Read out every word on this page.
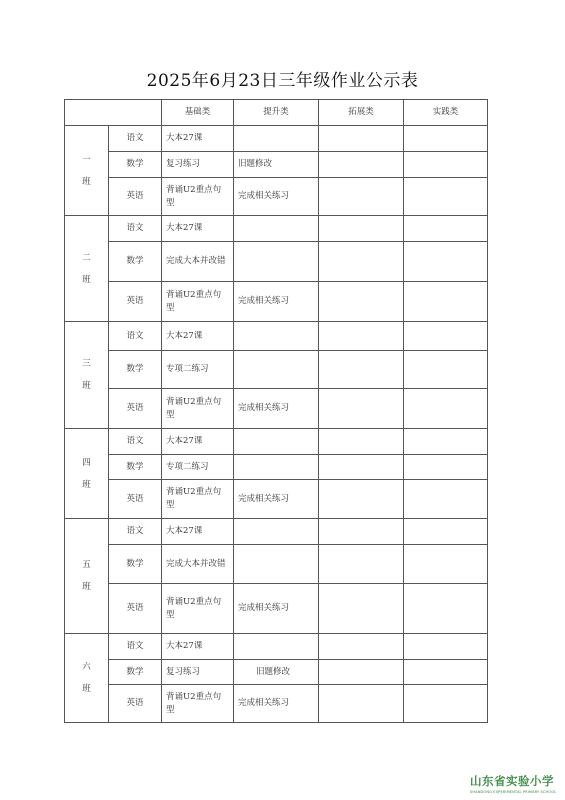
2025年6月23日三年级作业公示表
		基础类	提升类	拓展类	实践类

一
班	语文	大本27课			
	数学	复习练习	旧题修改		
	英语	背诵U2重点句型	完成相关练习		

二
班	语文	大本27课			
	数学	完成大本并改错			
	英语	背诵U2重点句型	完成相关练习		

三
班	语文	大本27课			
	数学	专项二练习			
	英语	背诵U2重点句型	完成相关练习		

四
班	语文	大本27课			
	数学	专项二练习			
	英语	背诵U2重点句型	完成相关练习		

五
班	语文	大本27课			
	数学	完成大本并改错			
	英语	背诵U2重点句型	完成相关练习		

六
班	语文	大本27课			
	数学	复习练习	旧题修改		
	英语	背诵U2重点句型	完成相关练习		
山东省实验小学
SHANDONG EXPERIMENTAL PRIMARY SCHOOL
